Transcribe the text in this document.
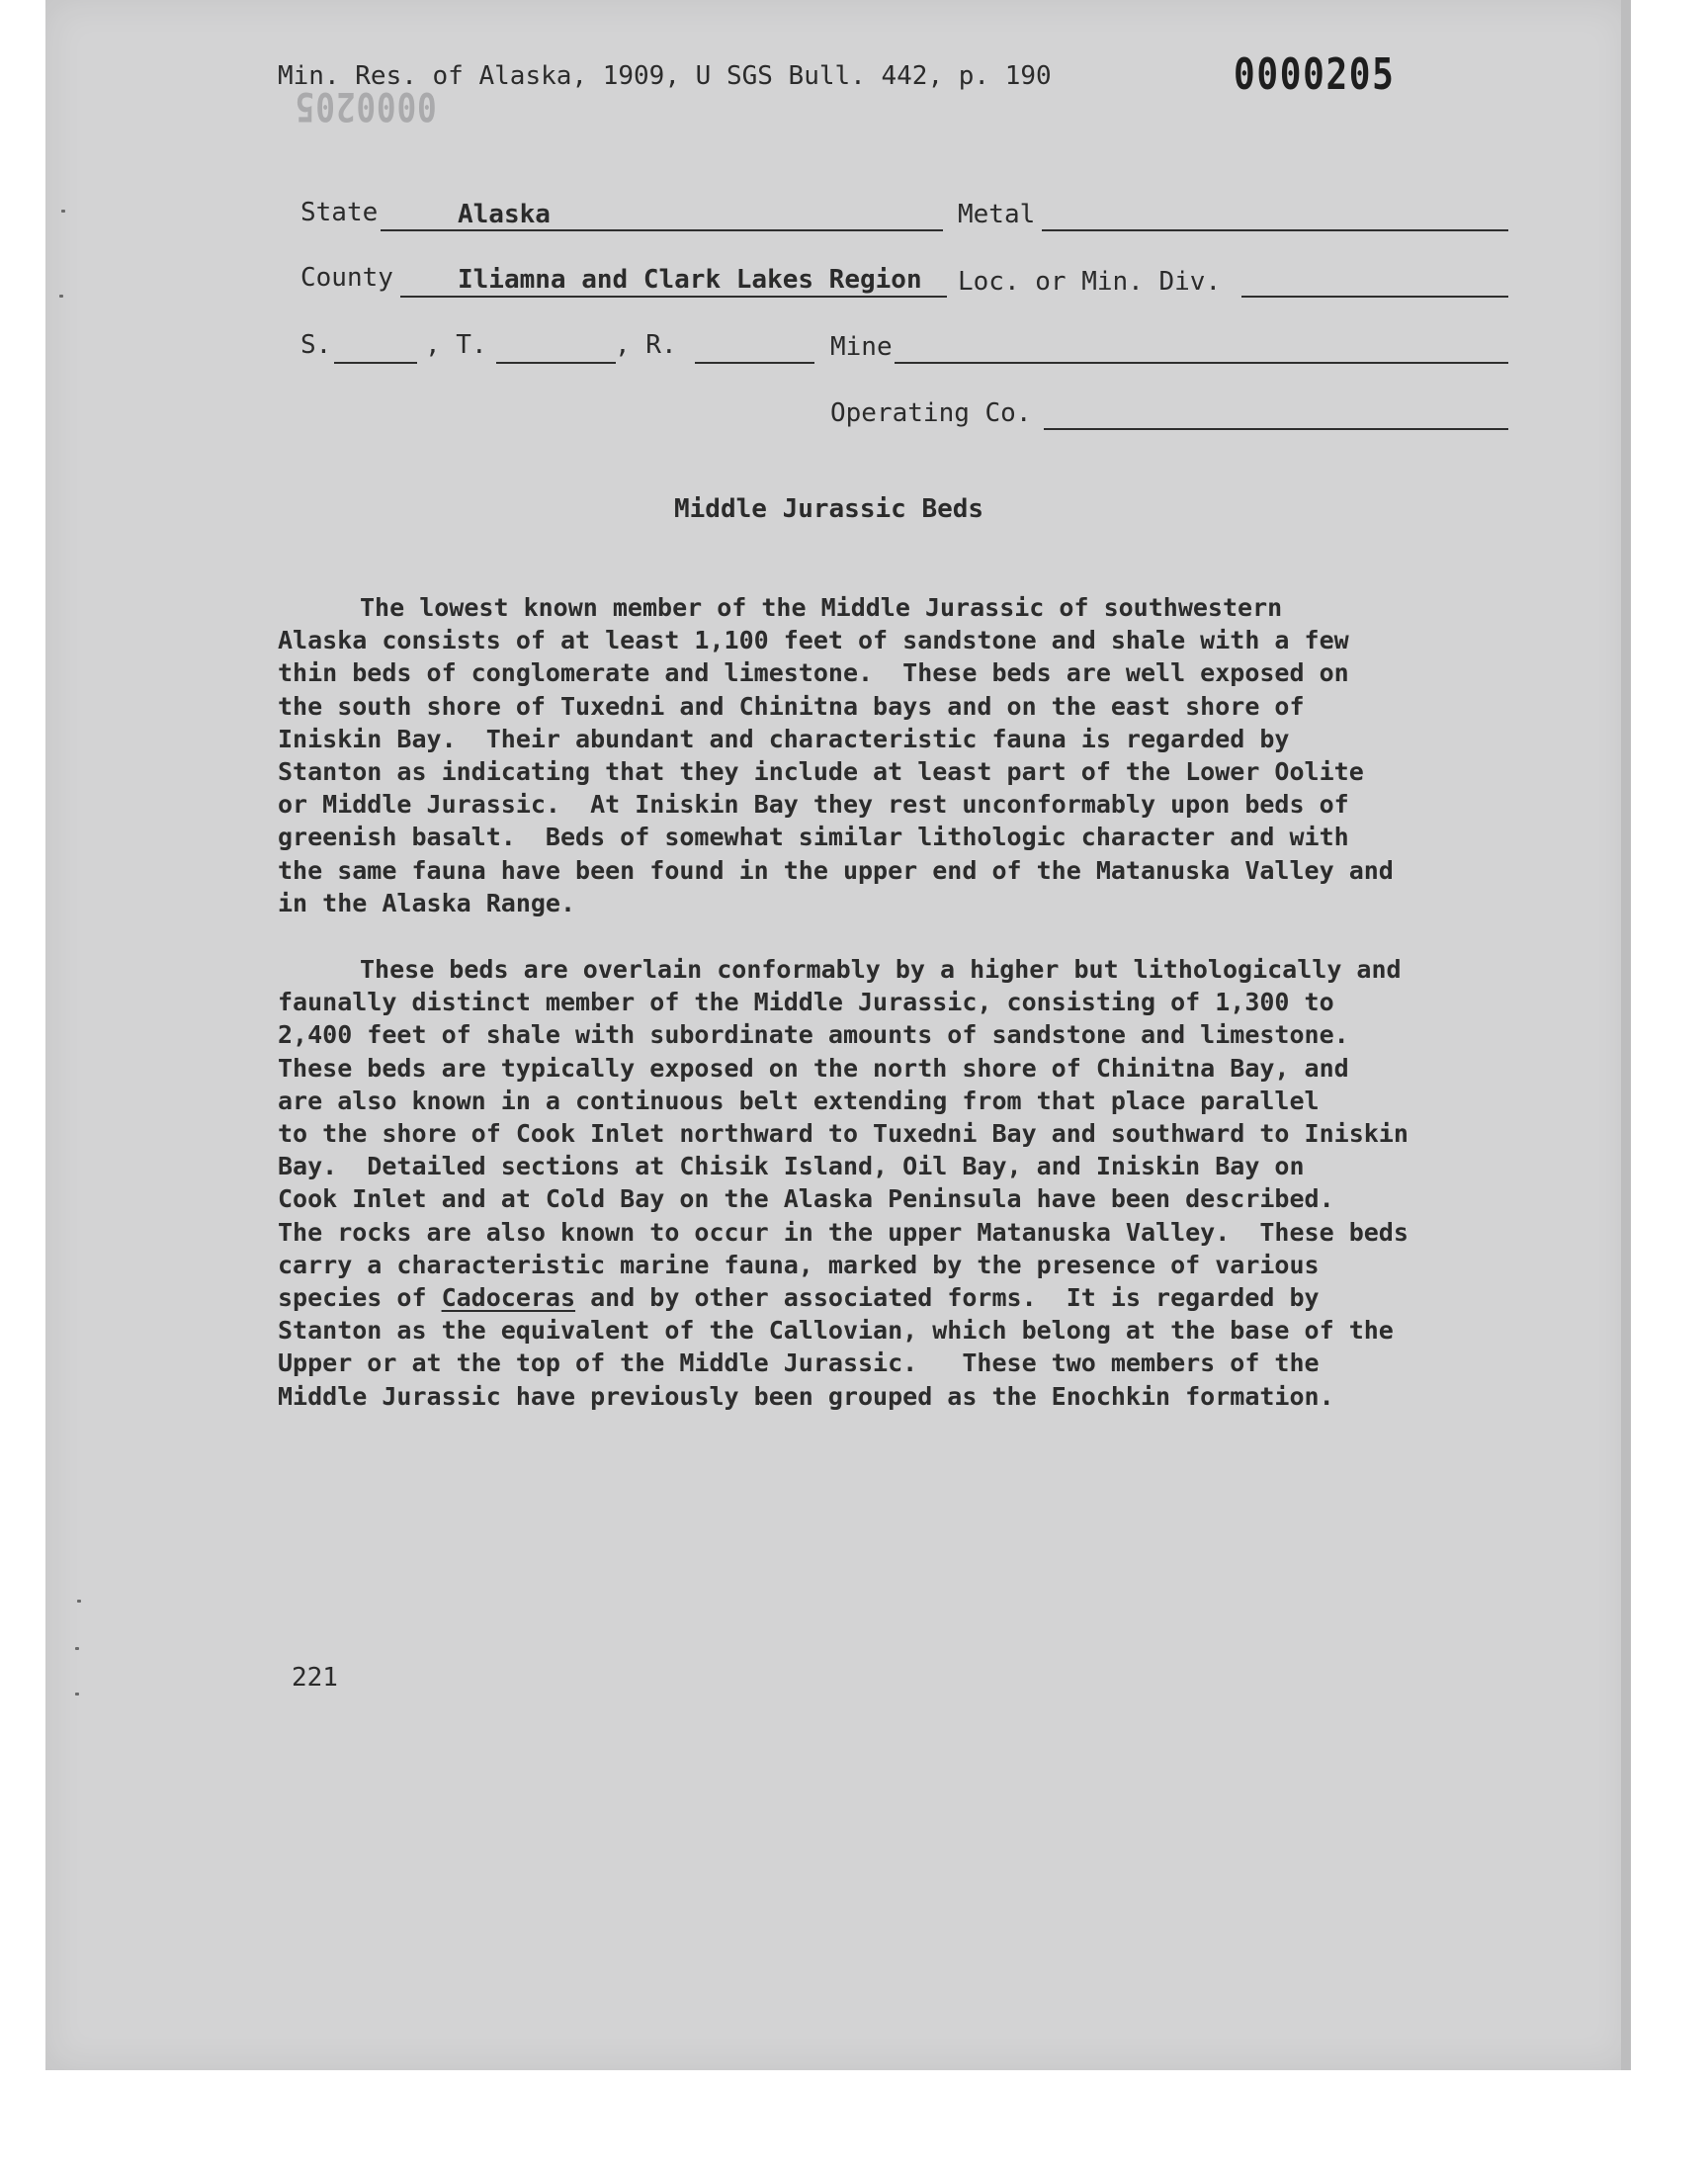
Min. Res. of Alaska, 1909, U SGS Bull. 442, p. 190	0000205
0000205
State	Alaska	Metal
County	Iliamna and Clark Lakes Region Loc. or Min. Div.
S.	, T.	, R.	Mine
Operating Co.
Middle Jurassic Beds
The lowest known member of the Middle Jurassic of southwestern
Alaska consists of at least 1,100 feet of sandstone and shale with a few
thin beds of conglomerate and limestone.  These beds are well exposed on
the south shore of Tuxedni and Chinitna bays and on the east shore of
Iniskin Bay.  Their abundant and characteristic fauna is regarded by
Stanton as indicating that they include at least part of the Lower Oolite
or Middle Jurassic.  At Iniskin Bay they rest unconformably upon beds of
greenish basalt.  Beds of somewhat similar lithologic character and with
the same fauna have been found in the upper end of the Matanuska Valley and
in the Alaska Range.
These beds are overlain conformably by a higher but lithologically and
faunally distinct member of the Middle Jurassic, consisting of 1,300 to
2,400 feet of shale with subordinate amounts of sandstone and limestone.
These beds are typically exposed on the north shore of Chinitna Bay, and
are also known in a continuous belt extending from that place parallel
to the shore of Cook Inlet northward to Tuxedni Bay and southward to Iniskin
Bay.  Detailed sections at Chisik Island, Oil Bay, and Iniskin Bay on
Cook Inlet and at Cold Bay on the Alaska Peninsula have been described.
The rocks are also known to occur in the upper Matanuska Valley.  These beds
carry a characteristic marine fauna, marked by the presence of various
species of Cadoceras and by other associated forms.  It is regarded by
Stanton as the equivalent of the Callovian, which belong at the base of the
Upper or at the top of the Middle Jurassic.   These two members of the
Middle Jurassic have previously been grouped as the Enochkin formation.
221
